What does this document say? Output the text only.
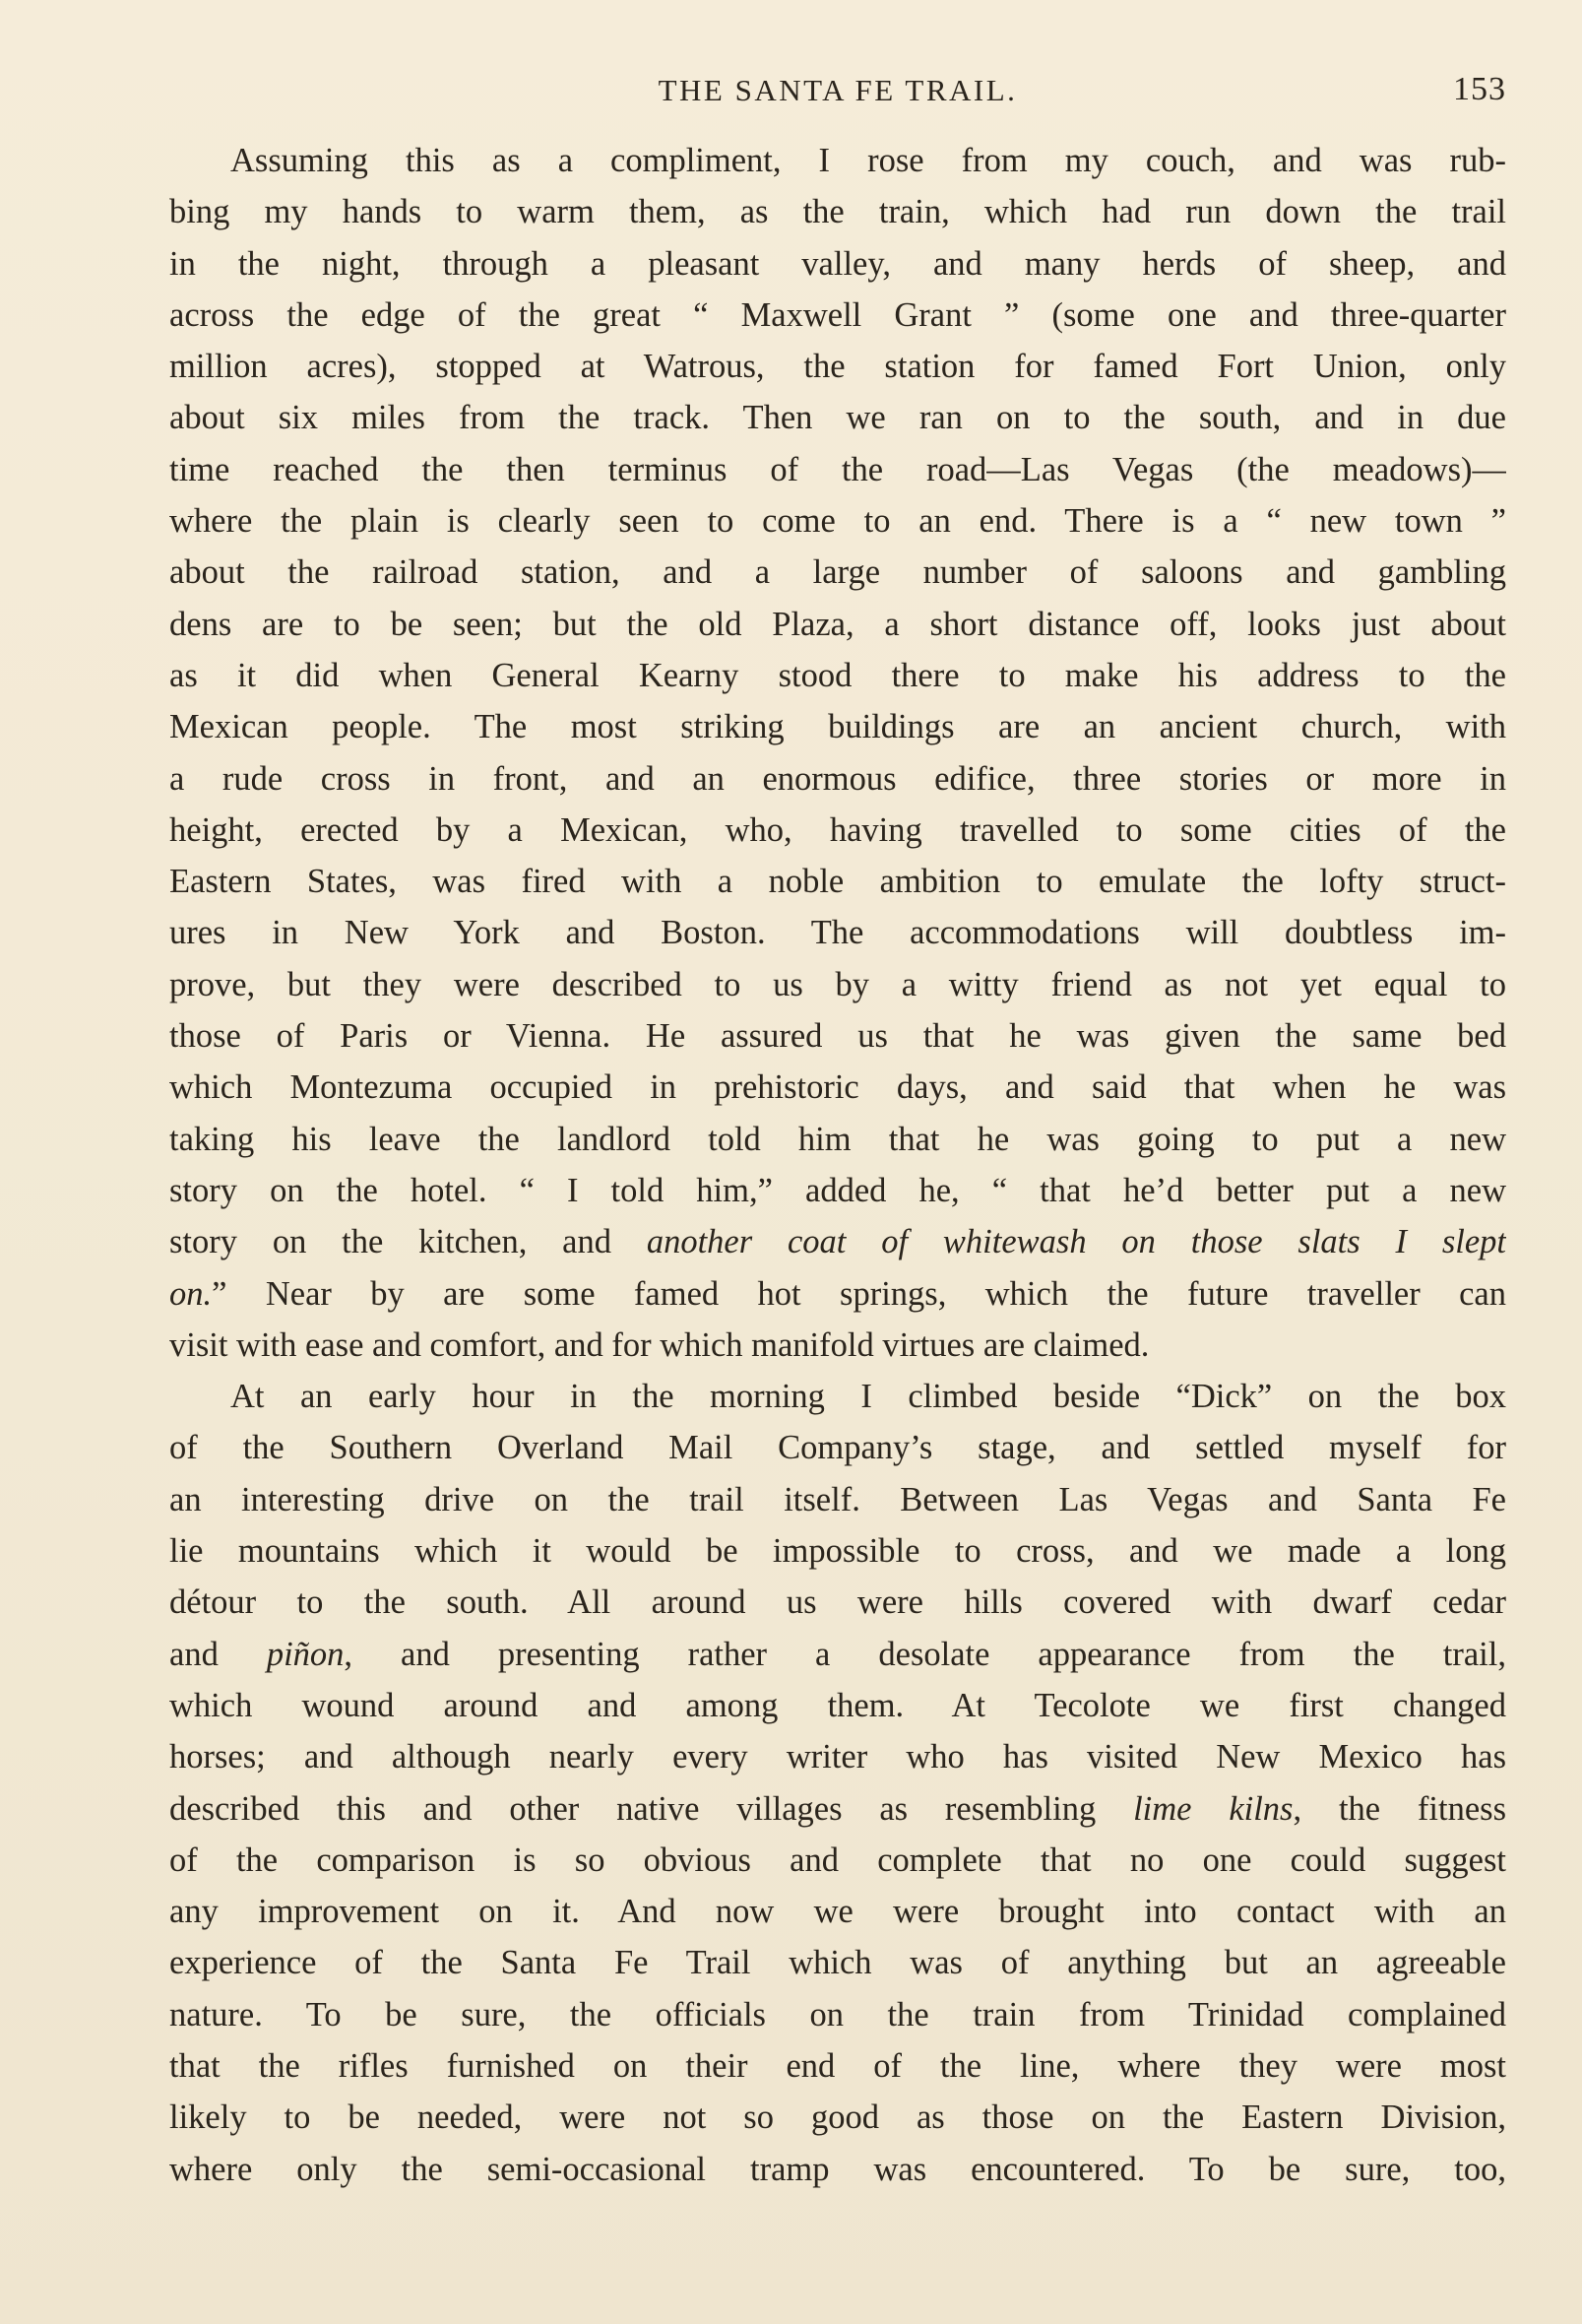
THE SANTA FE TRAIL.	153
Assuming this as a compliment, I rose from my couch, and was rub-
bing my hands to warm them, as the train, which had run down the trail
in the night, through a pleasant valley, and many herds of sheep, and
across the edge of the great “ Maxwell Grant ” (some one and three-quarter
million acres), stopped at Watrous, the station for famed Fort Union, only
about six miles from the track. Then we ran on to the south, and in due
time reached the then terminus of the road—Las Vegas (the meadows)—
where the plain is clearly seen to come to an end. There is a “ new town ”
about the railroad station, and a large number of saloons and gambling
dens are to be seen; but the old Plaza, a short distance off, looks just about
as it did when General Kearny stood there to make his address to the
Mexican people. The most striking buildings are an ancient church, with
a rude cross in front, and an enormous edifice, three stories or more in
height, erected by a Mexican, who, having travelled to some cities of the
Eastern States, was fired with a noble ambition to emulate the lofty struct-
ures in New York and Boston. The accommodations will doubtless im-
prove, but they were described to us by a witty friend as not yet equal to
those of Paris or Vienna. He assured us that he was given the same bed
which Montezuma occupied in prehistoric days, and said that when he was
taking his leave the landlord told him that he was going to put a new
story on the hotel. “ I told him,” added he, “ that he’d better put a new
story on the kitchen, and another coat of whitewash on those slats I slept
on.” Near by are some famed hot springs, which the future traveller can
visit with ease and comfort, and for which manifold virtues are claimed.
At an early hour in the morning I climbed beside “Dick” on the box
of the Southern Overland Mail Company’s stage, and settled myself for
an interesting drive on the trail itself. Between Las Vegas and Santa Fe
lie mountains which it would be impossible to cross, and we made a long
détour to the south. All around us were hills covered with dwarf cedar
and piñon, and presenting rather a desolate appearance from the trail,
which wound around and among them. At Tecolote we first changed
horses; and although nearly every writer who has visited New Mexico has
described this and other native villages as resembling lime kilns, the fitness
of the comparison is so obvious and complete that no one could suggest
any improvement on it. And now we were brought into contact with an
experience of the Santa Fe Trail which was of anything but an agreeable
nature. To be sure, the officials on the train from Trinidad complained
that the rifles furnished on their end of the line, where they were most
likely to be needed, were not so good as those on the Eastern Division,
where only the semi-occasional tramp was encountered. To be sure, too,
